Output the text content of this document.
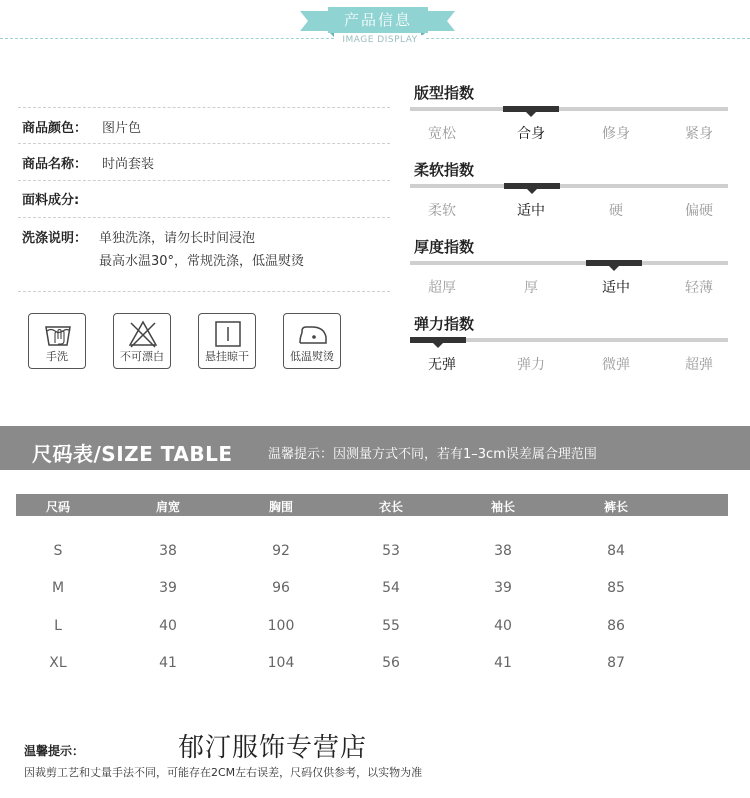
产品信息
IMAGE DISPLAY
商品颜色： 图片色
商品名称： 时尚套装
面料成分:
洗涤说明： 单独洗涤，请勿长时间浸泡
最高水温30°，常规洗涤，低温熨烫
手洗	不可漂白	悬挂晾干	低温熨烫
版型指数
宽松	合身	修身	紧身
柔软指数
柔软	适中	硬	偏硬
厚度指数
超厚	厚	适中	轻薄
弹力指数
无弹	弹力	微弹	超弹
尺码表/SIZE TABLE	温馨提示：因测量方式不同，若有1–3cm误差属合理范围
尺码	肩宽	胸围	衣长	袖长	裤长
S	38	92	53	38	84
M	39	96	54	39	85
L	40	100	55	40	86
XL	41	104	56	41	87
温馨提示：	郁汀服饰专营店
因裁剪工艺和丈量手法不同，可能存在2CM左右误差，尺码仅供参考，以实物为准
